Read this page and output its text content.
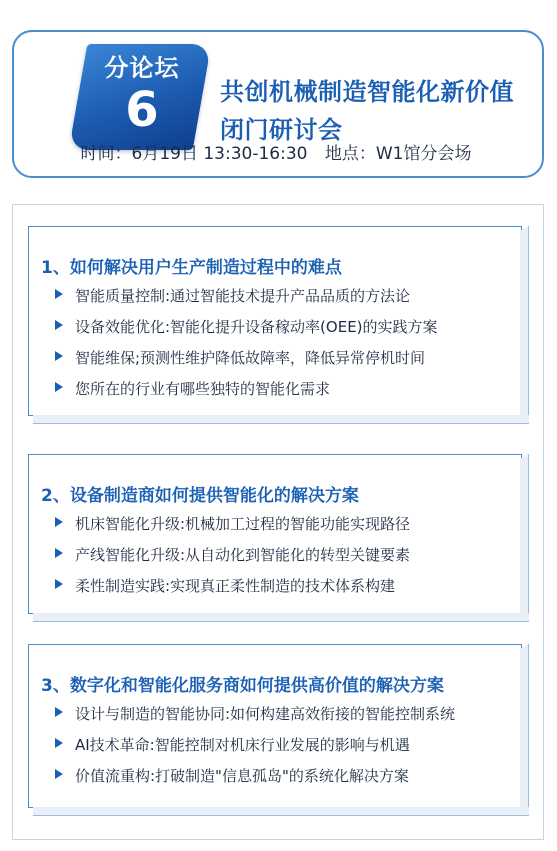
分论坛
6	共创机械制造智能化新价值
闭门研讨会
时间：6月19日 13:30-16:30 地点：W1馆分会场
1、如何解决用户生产制造过程中的难点
智能质量控制:通过智能技术提升产品品质的方法论
设备效能优化:智能化提升设备稼动率(OEE)的实践方案
智能维保;预测性维护降低故障率，降低异常停机时间
您所在的行业有哪些独特的智能化需求
2、设备制造商如何提供智能化的解决方案
机床智能化升级:机械加工过程的智能功能实现路径
产线智能化升级:从自动化到智能化的转型关键要素
柔性制造实践:实现真正柔性制造的技术体系构建
3、数字化和智能化服务商如何提供高价值的解决方案
设计与制造的智能协同:如何构建高效衔接的智能控制系统
AI技术革命:智能控制对机床行业发展的影响与机遇
价值流重构:打破制造"信息孤岛"的系统化解决方案
